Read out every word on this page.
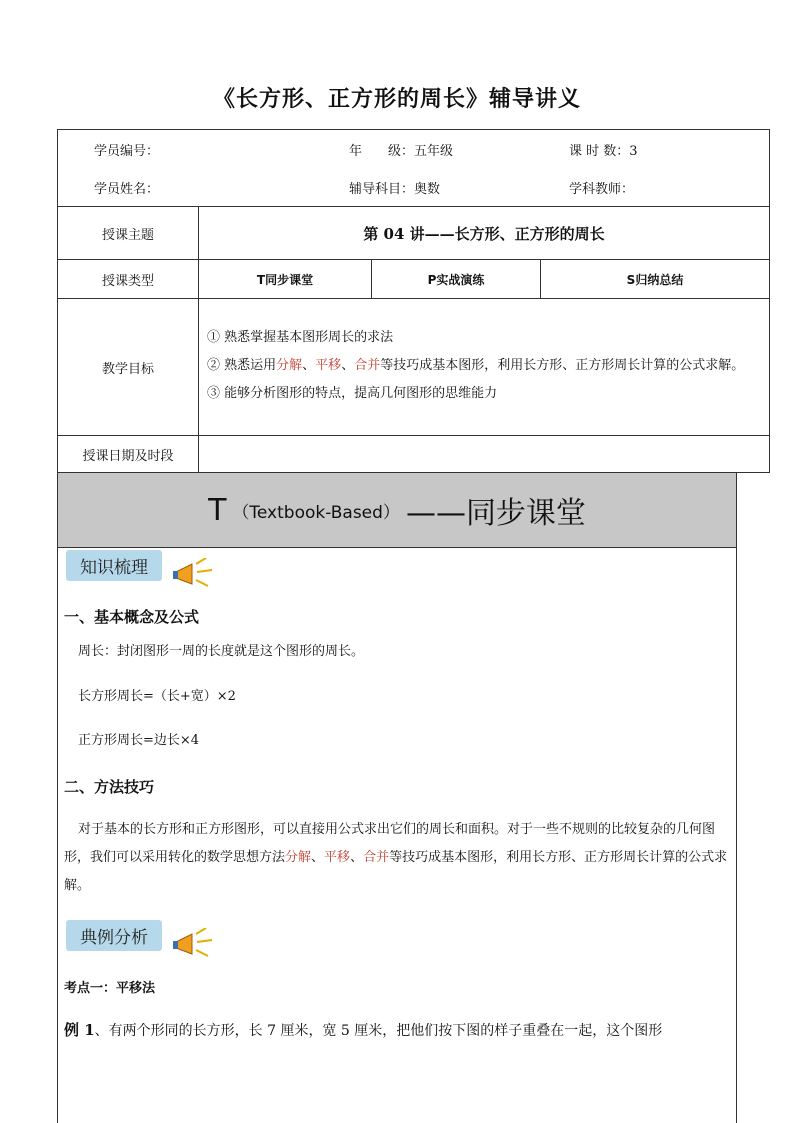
《长方形、正方形的周长》辅导讲义
学员编号： 年　　级：五年级 课 时 数：3			

学员姓名： 辅导科目：奥数 学科教师：			

授课主题	第 04 讲——长方形、正方形的周长		
授课类型	T同步课堂	P实战演练	S归纳总结
教学目标	① 熟悉掌握基本图形周长的求法

② 熟悉运用分解、平移、合并等技巧成基本图形，利用长方形、正方形周长计算的公式求解。

③ 能够分析图形的特点，提高几何图形的思维能力		

授课日期及时段			
T （Textbook-Based） ——同步课堂
知识梳理
一、基本概念及公式
周长：封闭图形一周的长度就是这个图形的周长。
长方形周长=（长+宽）×2
正方形周长=边长×4
二、方法技巧
对于基本的长方形和正方形图形，可以直接用公式求出它们的周长和面积。对于一些不规则的比较复杂的几何图形，我们可以采用转化的数学思想方法分解、平移、合并等技巧成基本图形，利用长方形、正方形周长计算的公式求解。
典例分析
考点一：平移法
例 1、有两个形同的长方形，长 7 厘米，宽 5 厘米，把他们按下图的样子重叠在一起，这个图形
